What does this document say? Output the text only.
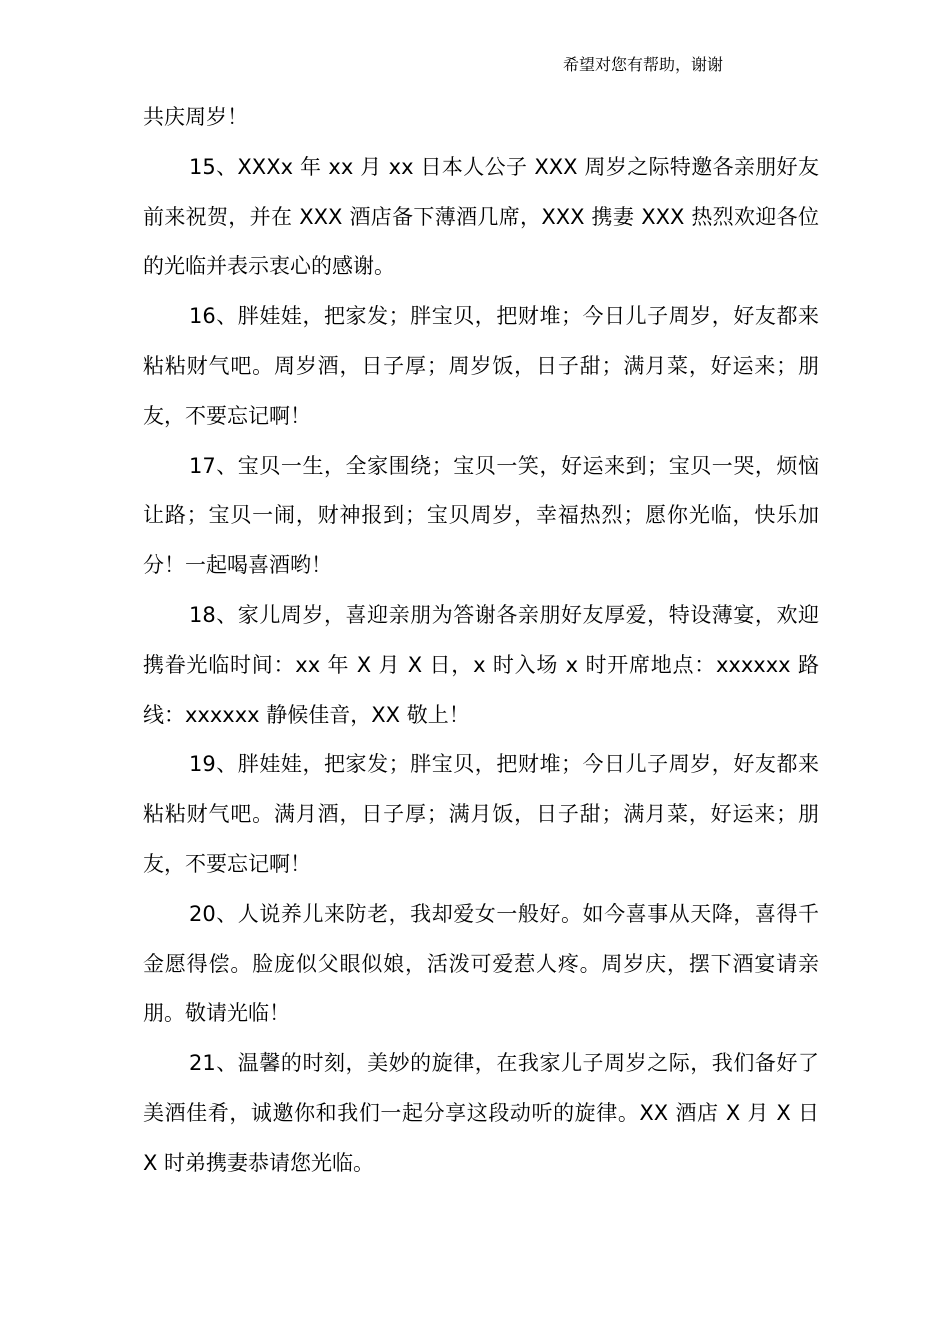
希望对您有帮助，谢谢

共庆周岁！

15、XXXx 年 xx 月 xx 日本人公子 XXX 周岁之际特邀各亲朋好友前来祝贺，并在 XXX 酒店备下薄酒几席，XXX 携妻 XXX 热烈欢迎各位的光临并表示衷心的感谢。

16、胖娃娃，把家发；胖宝贝，把财堆；今日儿子周岁，好友都来粘粘财气吧。周岁酒，日子厚；周岁饭，日子甜；满月菜，好运来；朋友，不要忘记啊！

17、宝贝一生，全家围绕；宝贝一笑，好运来到；宝贝一哭，烦恼让路；宝贝一闹，财神报到；宝贝周岁，幸福热烈；愿你光临，快乐加分！一起喝喜酒哟！

18、家儿周岁，喜迎亲朋为答谢各亲朋好友厚爱，特设薄宴，欢迎携眷光临时间：xx 年 X 月 X 日，x 时入场 x 时开席地点：xxxxxx 路线：xxxxxx 静候佳音，XX 敬上！

19、胖娃娃，把家发；胖宝贝，把财堆；今日儿子周岁，好友都来粘粘财气吧。满月酒，日子厚；满月饭，日子甜；满月菜，好运来；朋友，不要忘记啊！

20、人说养儿来防老，我却爱女一般好。如今喜事从天降，喜得千金愿得偿。脸庞似父眼似娘，活泼可爱惹人疼。周岁庆，摆下酒宴请亲朋。敬请光临！

21、温馨的时刻，美妙的旋律，在我家儿子周岁之际，我们备好了美酒佳肴，诚邀你和我们一起分享这段动听的旋律。XX 酒店 X 月 X 日 X 时弟携妻恭请您光临。
